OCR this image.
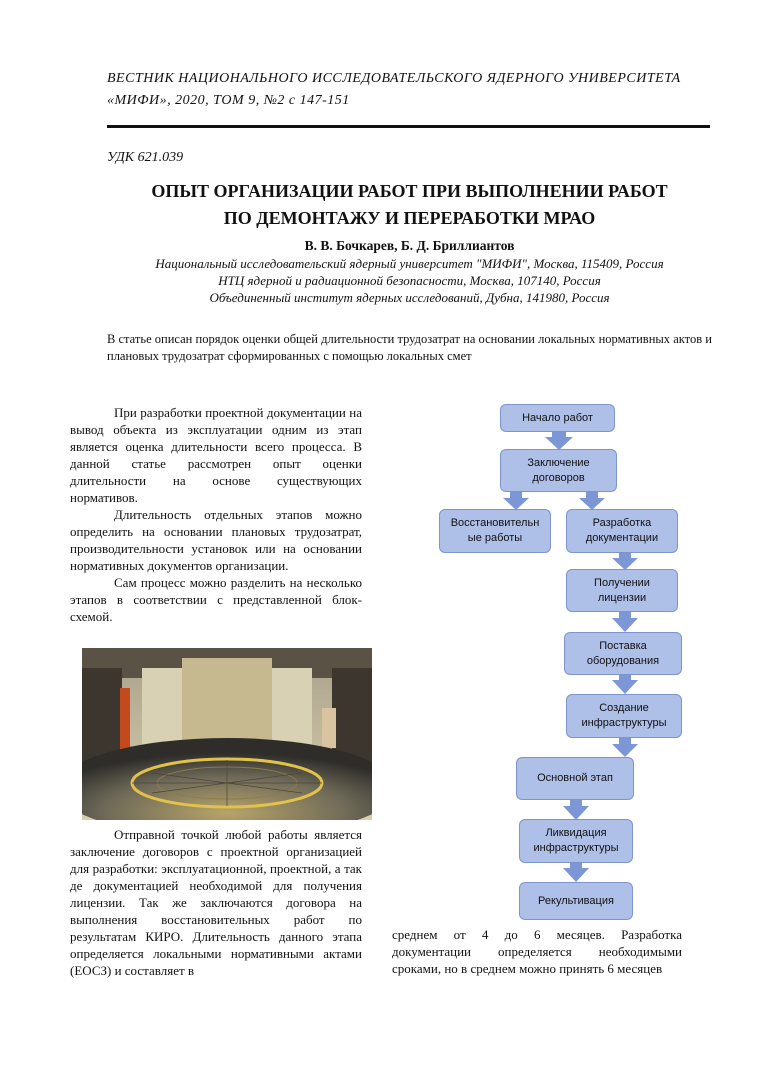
ВЕСТНИК НАЦИОНАЛЬНОГО ИССЛЕДОВАТЕЛЬСКОГО ЯДЕРНОГО УНИВЕРСИТЕТА
«МИФИ», 2020, ТОМ 9, №2 с 147-151
УДК 621.039
ОПЫТ ОРГАНИЗАЦИИ РАБОТ ПРИ ВЫПОЛНЕНИИ РАБОТ
ПО ДЕМОНТАЖУ И ПЕРЕРАБОТКИ МРАО
В. В. Бочкарев, Б. Д. Бриллиантов
Национальный исследовательский ядерный университет "МИФИ", Москва, 115409, Россия
НТЦ ядерной и радиационной безопасности, Москва, 107140, Россия
Объединенный институт ядерных исследований, Дубна, 141980, Россия
В статье описан порядок оценки общей длительности трудозатрат на основании локальных нормативных актов и плановых трудозатрат сформированных с помощью локальных смет

При разработки проектной документации на вывод объекта из эксплуатации одним из этап является оценка длительности всего процесса. В данной статье рассмотрен опыт оценки длительности на основе существующих нормативов.

Длительность отдельных этапов можно определить на основании плановых трудозатрат, производительности установок или на основании нормативных документов организации.

Сам процесс можно разделить на несколько этапов в соответствии с представленной блок-схемой.

Отправной точкой любой работы является заключение договоров с проектной организацией для разработки: эксплуатационной, проектной, а так де документацией необходимой для получения лицензии. Так же заключаются договора на выполнения восстановительных работ по результатам КИРО. Длительность данного этапа определяется локальными нормативными актами (ЕОСЗ) и составляет в

среднем от 4 до 6 месяцев. Разработка документации определяется необходимыми сроками, но в среднем можно принять 6 месяцев

Начало работ
Заключение договоров
Восстановительн ые работы
Разработка документации
Получении лицензии
Поставка оборудования
Создание инфраструктуры
Основной этап
Ликвидация инфраструктуры
Рекультивация
